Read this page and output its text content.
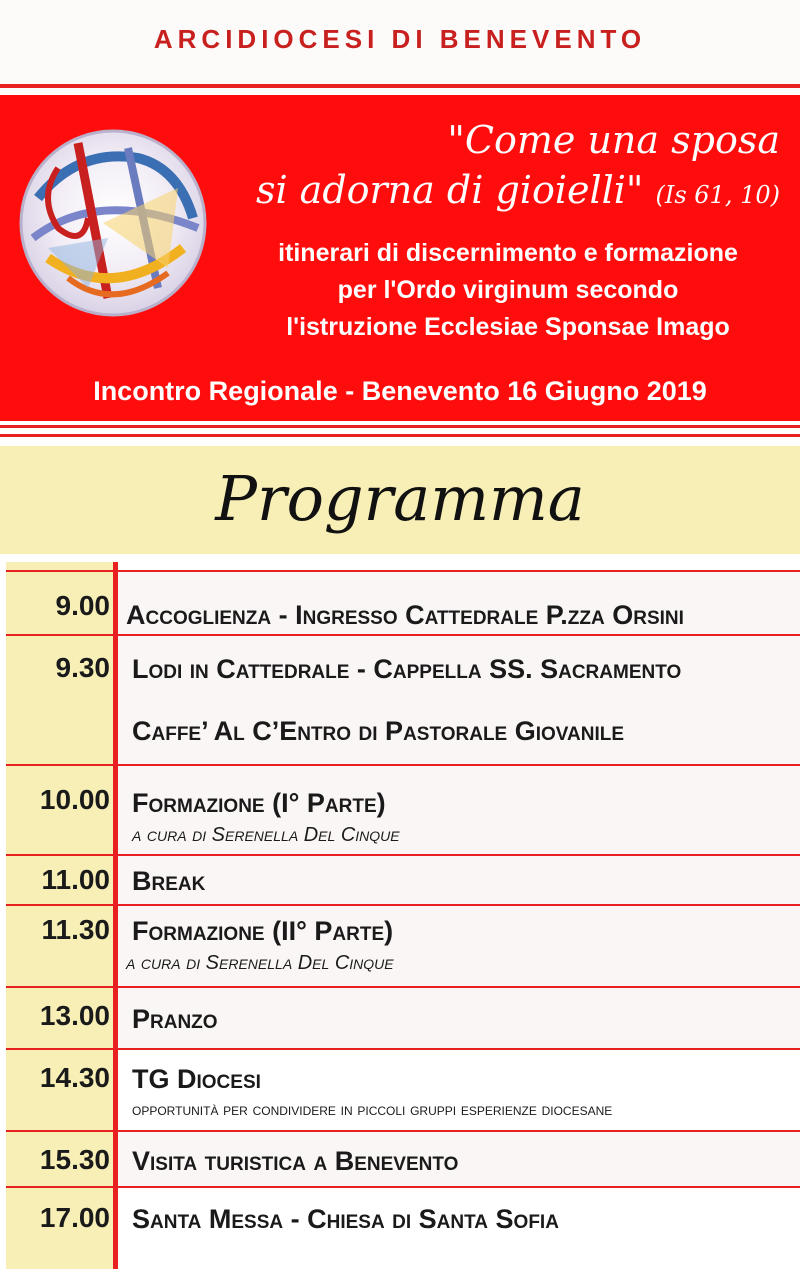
ARCIDIOCESI DI BENEVENTO
"Come una sposa
si adorna di gioielli" (Is 61, 10)
itinerari di discernimento e formazione
per l'Ordo virginum secondo
l'istruzione Ecclesiae Sponsae Imago
Incontro Regionale - Benevento 16 Giugno 2019
Programma
9.00 Accoglienza - Ingresso Cattedrale P.zza Orsini
9.30 Lodi in Cattedrale - Cappella SS. Sacramento
Caffe’ Al C’Entro di Pastorale Giovanile
10.00 Formazione (I° Parte)
a cura di Serenella Del Cinque
11.00 Break
11.30 Formazione (II° Parte)
a cura di Serenella Del Cinque
13.00 Pranzo
14.30 TG Diocesi
opportunità per condividere in piccoli gruppi esperienze diocesane
15.30 Visita turistica a Benevento
17.00 Santa Messa - Chiesa di Santa Sofia
